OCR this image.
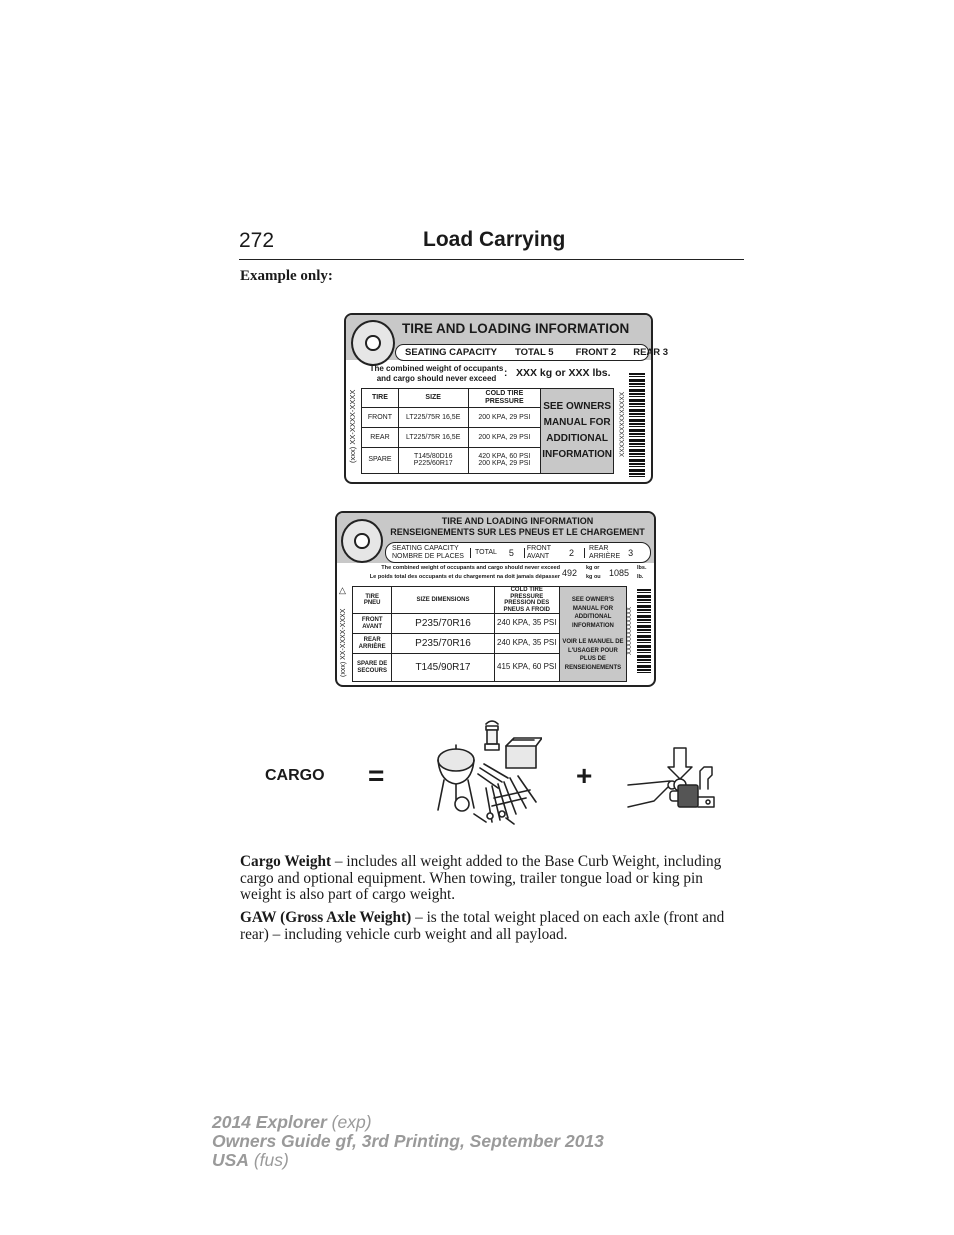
272	Load Carrying
Example only:
TIRE AND LOADING INFORMATION
SEATING CAPACITY TOTAL 5 FRONT 2 REAR 3
The combined weight of occupants
and cargo should never exceed : XXX kg or XXX lbs.
(xxx) XX-XXXX-XXXX TIRE	SIZE	COLD TIRE PRESSURE	SEE OWNERS MANUAL FOR ADDITIONAL INFORMATION
FRONT	LT225/75R 16,5E	200 KPA, 29 PSI	
REAR	LT225/75R 16,5E	200 KPA, 29 PSI	
SPARE	T145/80D16 P225/60R17	420 KPA, 60 PSI 200 KPA, 29 PSI	
XXXXXXXXXXXXXXX
TIRE AND LOADING INFORMATION
RENSEIGNEMENTS SUR LES PNEUS ET LE CHARGEMENT
SEATING CAPACITY
NOMBRE DE PLACES TOTAL 5 FRONT
AVANT 2 REAR
ARRIÈRE 3
The combined weight of occupants and cargo should never exceed
Le poids total des occupants et du chargement na doit jamais dépasser 492 kg or
kg ou 1085 lbs.
lb.
△
(xxx) XX-XXXX-XXXX
TIRE PNEU	SIZE DIMENSIONS	COLD TIRE PRESSURE PRESSION DES PNEUS A FROID	SEE OWNER'S MANUAL FOR ADDITIONAL INFORMATION
VOIR LE MANUEL DE L'USAGER POUR PLUS DE RENSEIGNEMENTS

FRONT AVANT	P235/70R16	240 KPA, 35 PSI	
REAR ARRIÈRE	P235/70R16	240 KPA, 35 PSI	
SPARE DE SECOURS	T145/90R17	415 KPA, 60 PSI	
XXXXXXXXXXXX
CARGO =	+
Cargo Weight – includes all weight added to the Base Curb Weight, including cargo and optional equipment. When towing, trailer tongue load or king pin weight is also part of cargo weight.
GAW (Gross Axle Weight) – is the total weight placed on each axle (front and rear) – including vehicle curb weight and all payload.
2014 Explorer (exp)
Owners Guide gf, 3rd Printing, September 2013
USA (fus)
